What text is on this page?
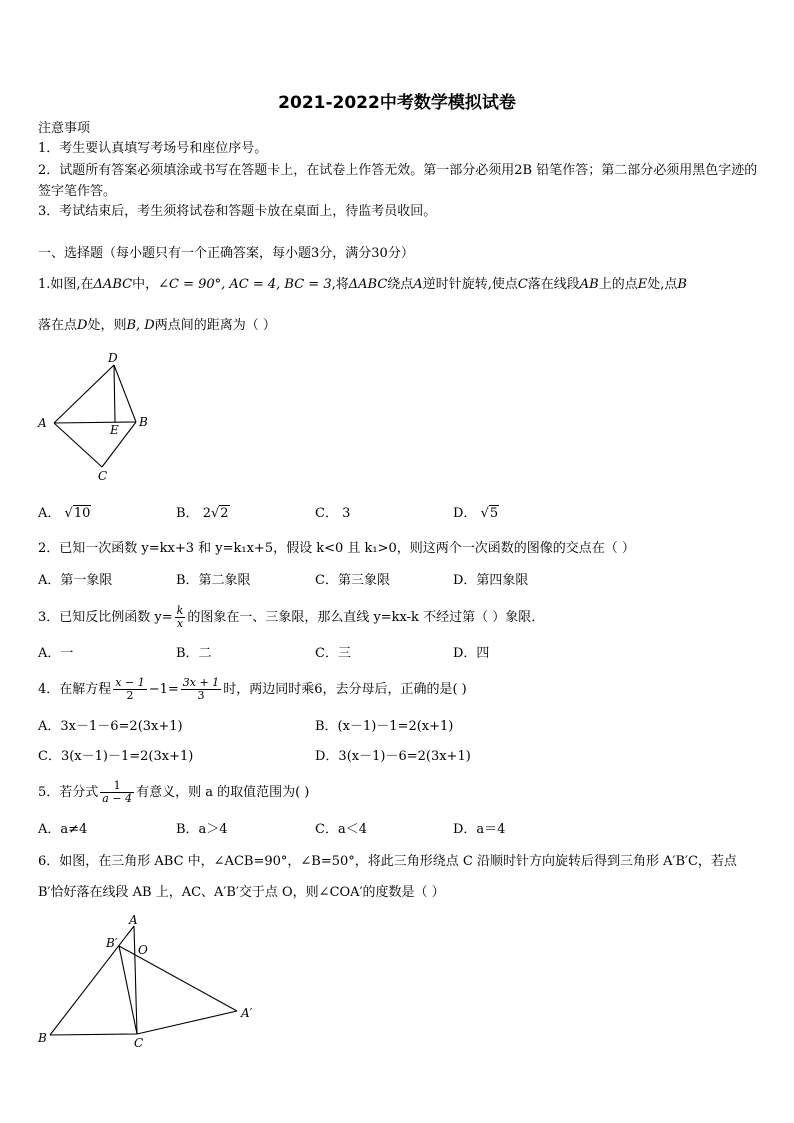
2021-2022中考数学模拟试卷
注意事项
1．考生要认真填写考场号和座位序号。
2．试题所有答案必须填涂或书写在答题卡上，在试卷上作答无效。第一部分必须用2B 铅笔作答；第二部分必须用黑色字迹的签字笔作答。
3．考试结束后，考生须将试卷和答题卡放在桌面上，待监考员收回。
一、选择题（每小题只有一个正确答案，每小题3分，满分30分）
1.如图,在ΔABC中，∠C = 90°, AC = 4, BC = 3,将ΔABC绕点A逆时针旋转,使点C落在线段AB上的点E处,点B
落在点D处，则B, D两点间的距离为（ ）
D
A	E
B
C
A． √10	B． 2√2	C． 3	D． √5
2．已知一次函数 y=kx+3 和 y=k₁x+5，假设 k<0 且 k₁>0，则这两个一次函数的图像的交点在（ ）
A．第一象限	B．第二象限	C．第三象限	D．第四象限
3．已知反比例函数 $y= \frac{k}{x}$ 的图象在一、三象限，那么直线 y=kx-k 不经过第（ ）象限．
A．一	B．二	C．三	D．四
4．在解方程 $\frac{x - 1}{2} -1= \frac{3x + 1}{3}$ 时，两边同时乘6，去分母后，正确的是( )
A．3x－1－6=2(3x+1)	B．(x－1)－1=2(x+1)
C．3(x－1)－1=2(3x+1)	D．3(x－1)－6=2(3x+1)
5．若分式 $\frac{1}{a - 4}$ 有意义，则 a 的取值范围为( )
A．a≠4	B．a＞4	C．a＜4	D．a＝4
6．如图，在三角形 ABC 中，∠ACB=90°，∠B=50°，将此三角形绕点 C 沿顺时针方向旋转后得到三角形 A′B′C，若点
B′恰好落在线段 AB 上，AC、A′B′交于点 O，则∠COA′的度数是（ ）
A
B′ O
A′
B	C
